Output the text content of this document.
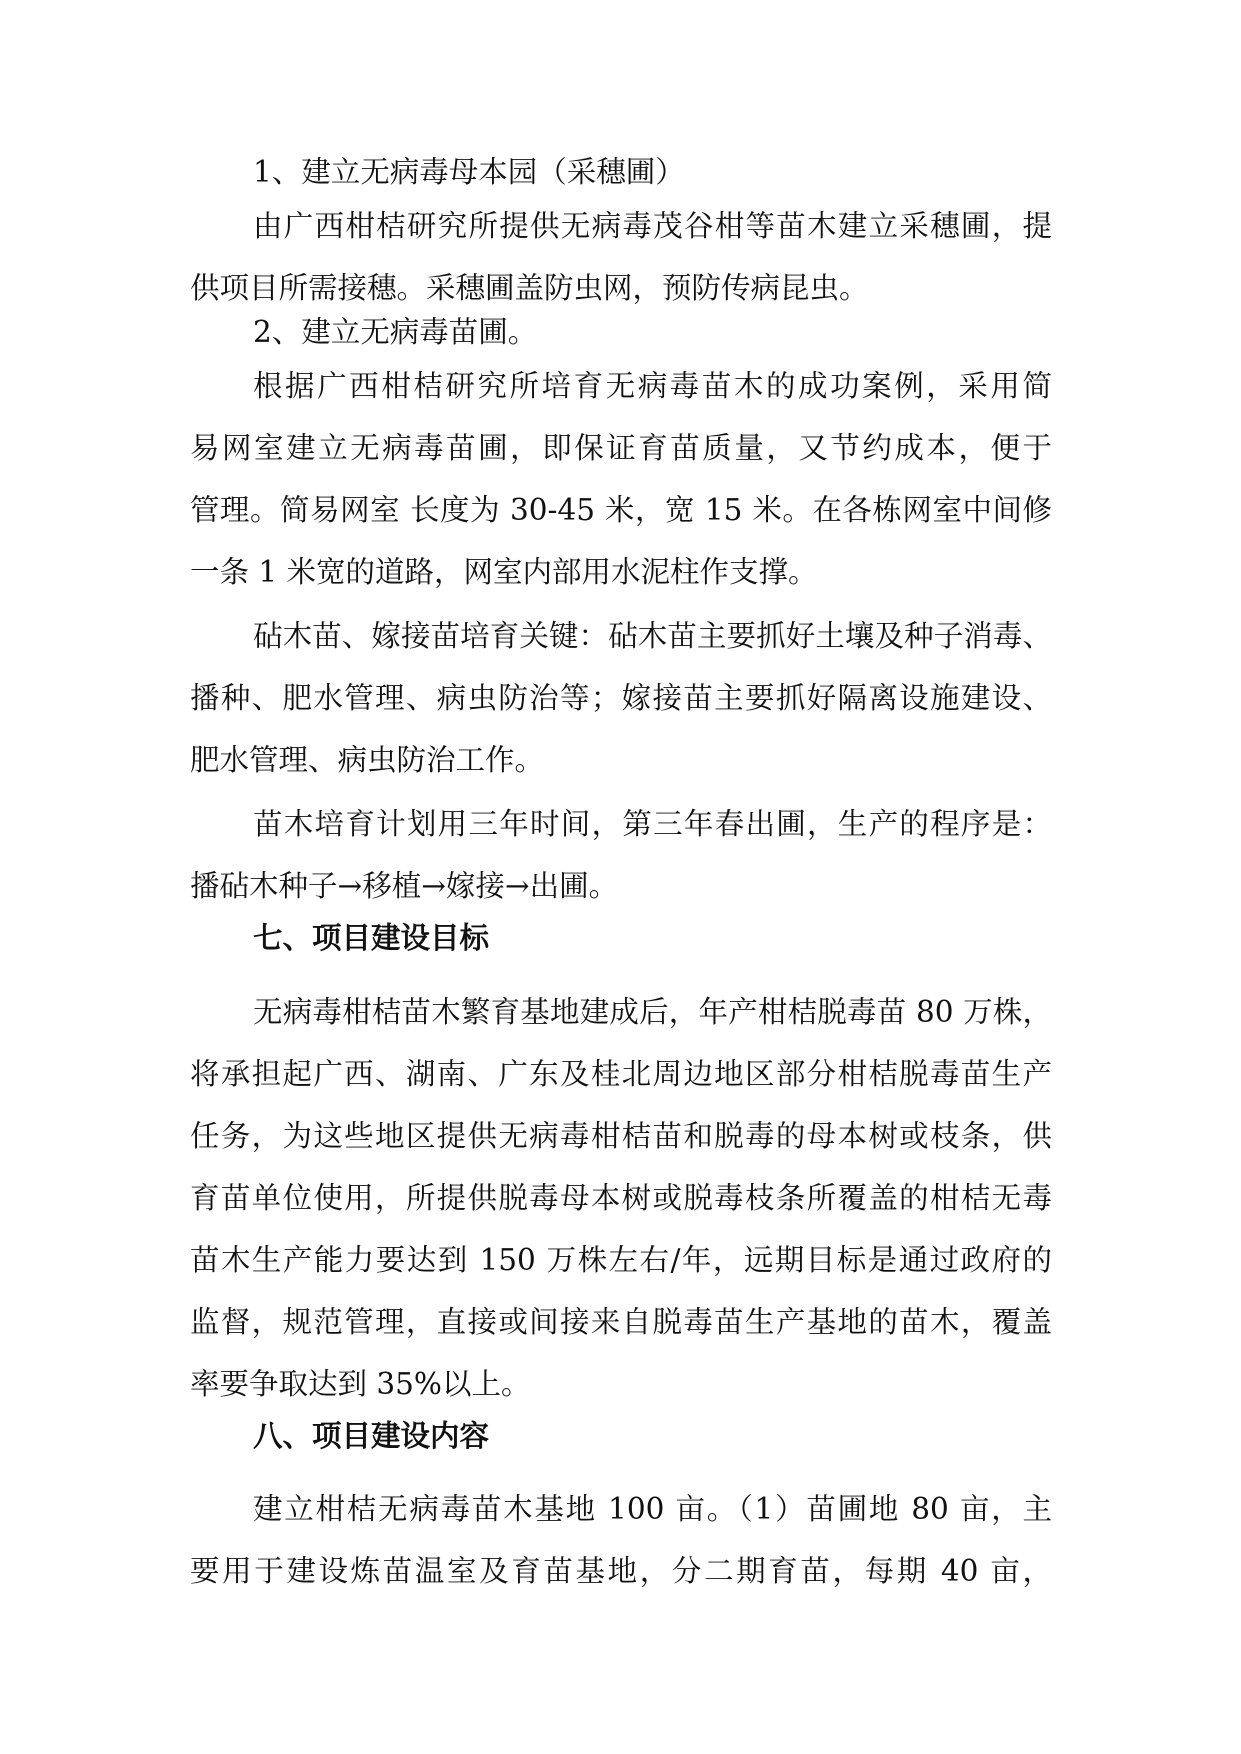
1、建立无病毒母本园（采穗圃）

由广西柑桔研究所提供无病毒茂谷柑等苗木建立采穗圃，提
供项目所需接穗。采穗圃盖防虫网，预防传病昆虫。

2、建立无病毒苗圃。

根据广西柑桔研究所培育无病毒苗木的成功案例，采用简
易网室建立无病毒苗圃，即保证育苗质量，又节约成本，便于
管理。简易网室 长度为 30-45 米，宽 15 米。在各栋网室中间修
一条 1 米宽的道路，网室内部用水泥柱作支撑。

砧木苗、嫁接苗培育关键：砧木苗主要抓好土壤及种子消毒、
播种、肥水管理、病虫防治等；嫁接苗主要抓好隔离设施建设、
肥水管理、病虫防治工作。

苗木培育计划用三年时间，第三年春出圃，生产的程序是：
播砧木种子→移植→嫁接→出圃。

七、项目建设目标

无病毒柑桔苗木繁育基地建成后，年产柑桔脱毒苗 80 万株，
将承担起广西、湖南、广东及桂北周边地区部分柑桔脱毒苗生产
任务，为这些地区提供无病毒柑桔苗和脱毒的母本树或枝条，供
育苗单位使用，所提供脱毒母本树或脱毒枝条所覆盖的柑桔无毒
苗木生产能力要达到 150 万株左右/年，远期目标是通过政府的
监督，规范管理，直接或间接来自脱毒苗生产基地的苗木，覆盖
率要争取达到 35%以上。

八、项目建设内容

建立柑桔无病毒苗木基地 100 亩。（1）苗圃地 80 亩，主
要用于建设炼苗温室及育苗基地，分二期育苗，每期 40 亩，
